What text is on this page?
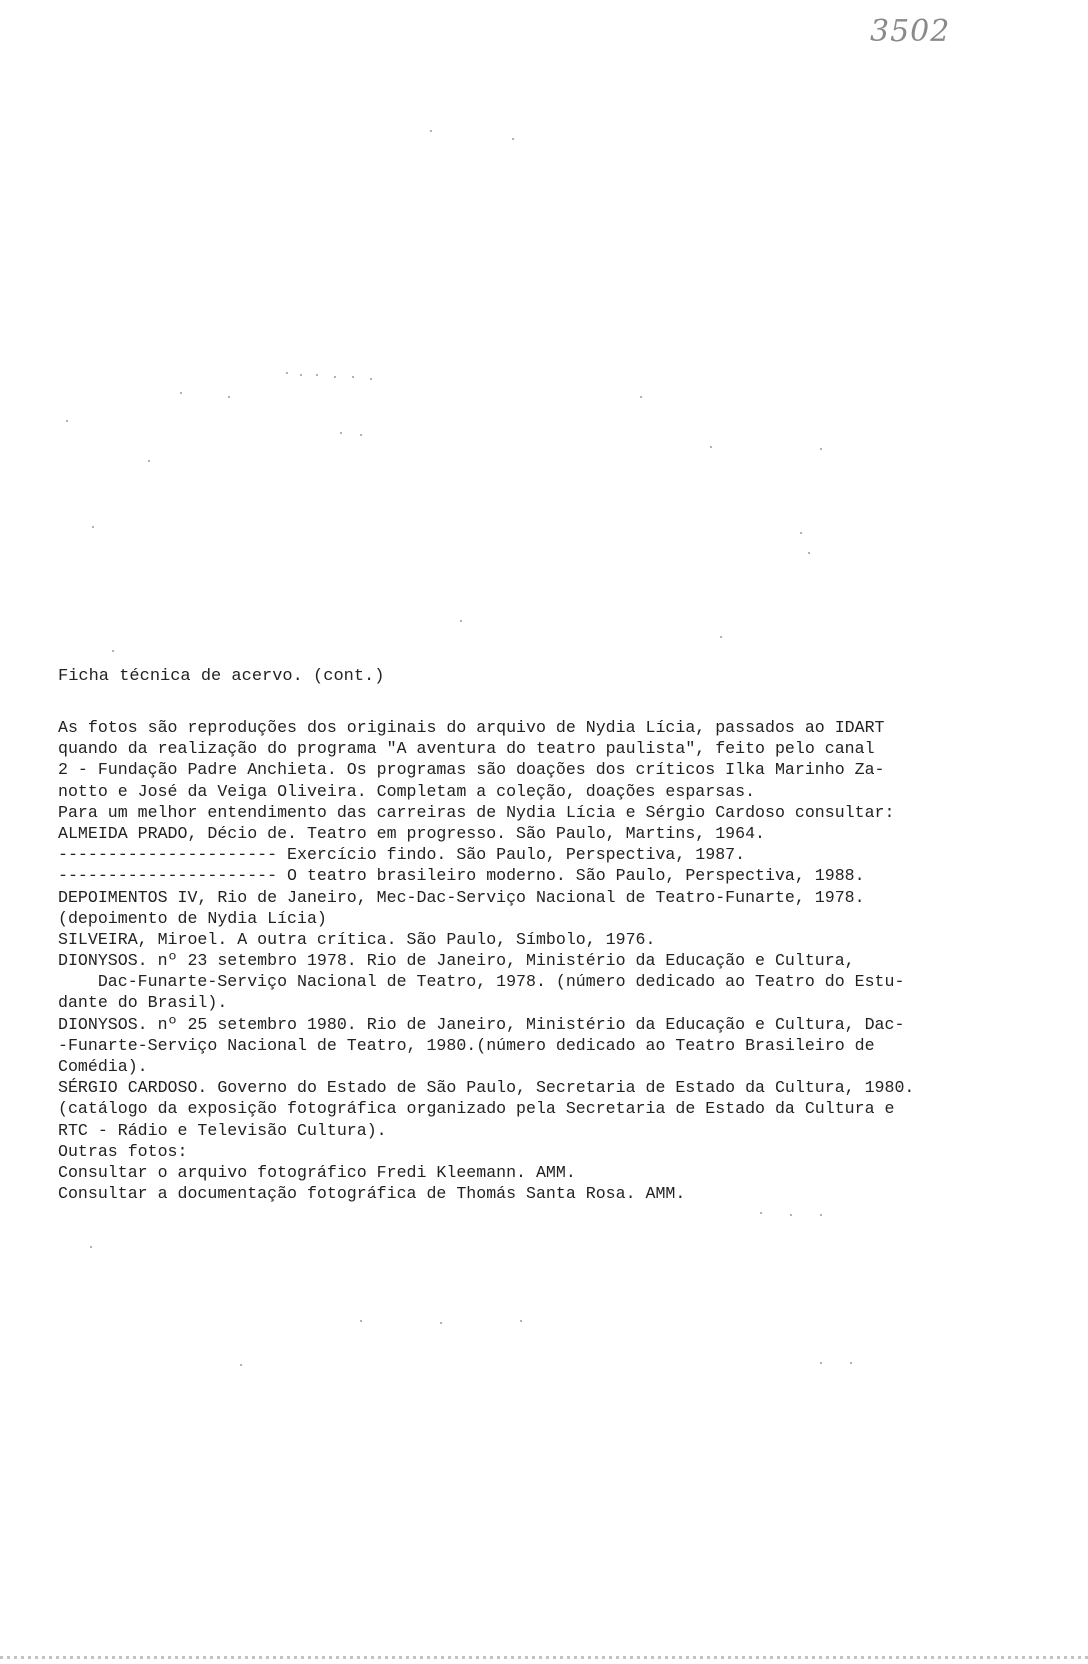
3502
Ficha técnica de acervo. (cont.)
As fotos são reproduções dos originais do arquivo de Nydia Lícia, passados ao IDART
quando da realização do programa "A aventura do teatro paulista", feito pelo canal
2 - Fundação Padre Anchieta. Os programas são doações dos críticos Ilka Marinho Za-
notto e José da Veiga Oliveira. Completam a coleção, doações esparsas.
Para um melhor entendimento das carreiras de Nydia Lícia e Sérgio Cardoso consultar:
ALMEIDA PRADO, Décio de. Teatro em progresso. São Paulo, Martins, 1964.
---------------------- Exercício findo. São Paulo, Perspectiva, 1987.
---------------------- O teatro brasileiro moderno. São Paulo, Perspectiva, 1988.
DEPOIMENTOS IV, Rio de Janeiro, Mec-Dac-Serviço Nacional de Teatro-Funarte, 1978.
(depoimento de Nydia Lícia)
SILVEIRA, Miroel. A outra crítica. São Paulo, Símbolo, 1976.
DIONYSOS. nº 23 setembro 1978. Rio de Janeiro, Ministério da Educação e Cultura,
Dac-Funarte-Serviço Nacional de Teatro, 1978. (número dedicado ao Teatro do Estu-
dante do Brasil).
DIONYSOS. nº 25 setembro 1980. Rio de Janeiro, Ministério da Educação e Cultura, Dac-
-Funarte-Serviço Nacional de Teatro, 1980.(número dedicado ao Teatro Brasileiro de
Comédia).
SÉRGIO CARDOSO. Governo do Estado de São Paulo, Secretaria de Estado da Cultura, 1980.
(catálogo da exposição fotográfica organizado pela Secretaria de Estado da Cultura e
RTC - Rádio e Televisão Cultura).
Outras fotos:
Consultar o arquivo fotográfico Fredi Kleemann. AMM.
Consultar a documentação fotográfica de Thomás Santa Rosa. AMM.
